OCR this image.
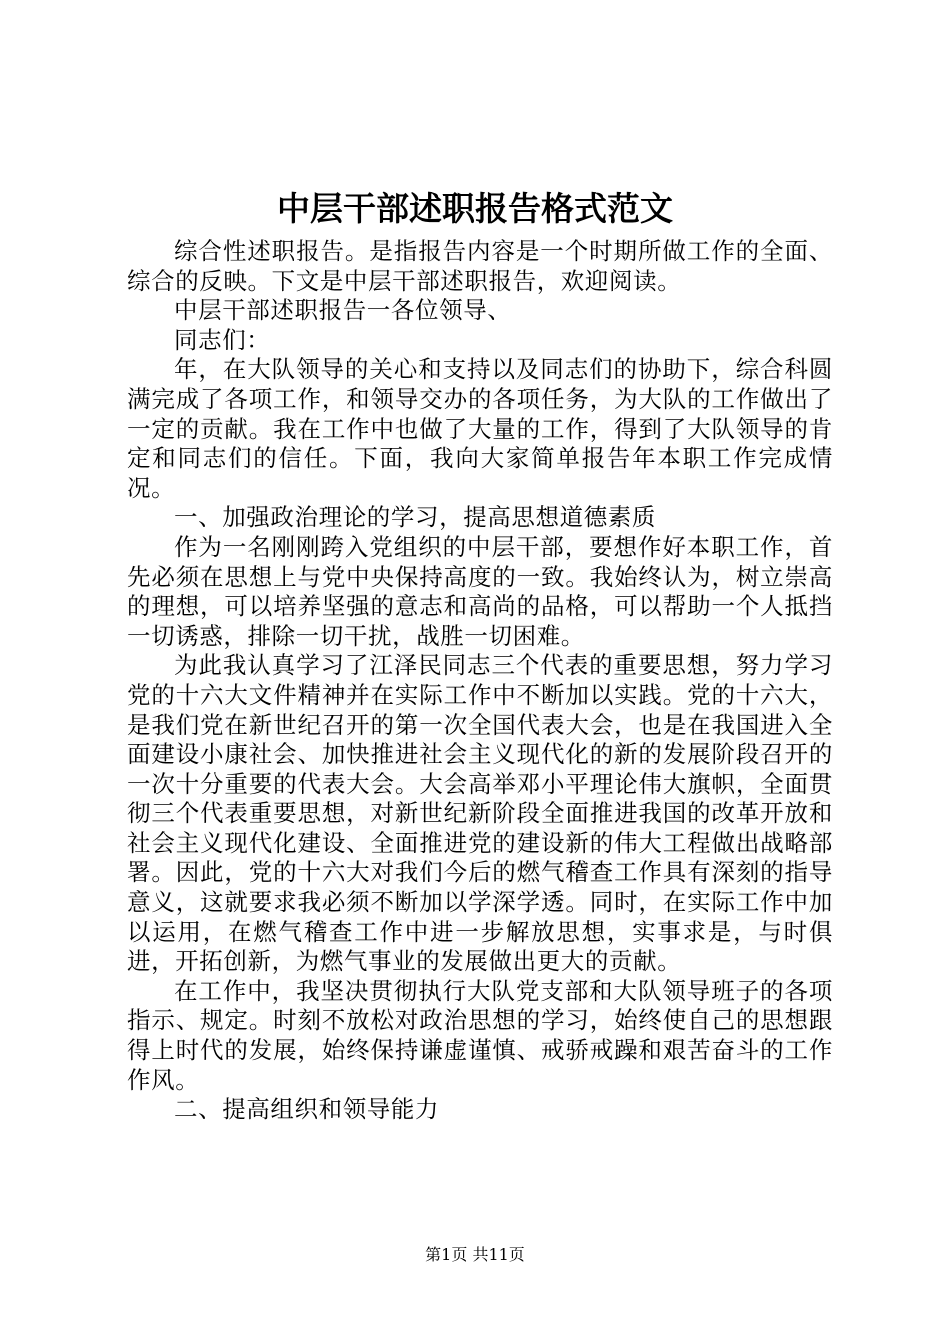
中层干部述职报告格式范文

综合性述职报告。是指报告内容是一个时期所做工作的全面、综合的反映。下文是中层干部述职报告，欢迎阅读。

中层干部述职报告一各位领导、

同志们：

年，在大队领导的关心和支持以及同志们的协助下，综合科圆满完成了各项工作，和领导交办的各项任务，为大队的工作做出了一定的贡献。我在工作中也做了大量的工作，得到了大队领导的肯定和同志们的信任。下面，我向大家简单报告年本职工作完成情况。

一、加强政治理论的学习，提高思想道德素质

作为一名刚刚跨入党组织的中层干部，要想作好本职工作，首先必须在思想上与党中央保持高度的一致。我始终认为，树立崇高的理想，可以培养坚强的意志和高尚的品格，可以帮助一个人抵挡一切诱惑，排除一切干扰，战胜一切困难。

为此我认真学习了江泽民同志三个代表的重要思想，努力学习党的十六大文件精神并在实际工作中不断加以实践。党的十六大，是我们党在新世纪召开的第一次全国代表大会，也是在我国进入全面建设小康社会、加快推进社会主义现代化的新的发展阶段召开的一次十分重要的代表大会。大会高举邓小平理论伟大旗帜，全面贯彻三个代表重要思想，对新世纪新阶段全面推进我国的改革开放和社会主义现代化建设、全面推进党的建设新的伟大工程做出战略部署。因此，党的十六大对我们今后的燃气稽查工作具有深刻的指导意义，这就要求我必须不断加以学深学透。同时，在实际工作中加以运用，在燃气稽查工作中进一步解放思想，实事求是，与时俱进，开拓创新，为燃气事业的发展做出更大的贡献。

在工作中，我坚决贯彻执行大队党支部和大队领导班子的各项指示、规定。时刻不放松对政治思想的学习，始终使自己的思想跟得上时代的发展，始终保持谦虚谨慎、戒骄戒躁和艰苦奋斗的工作作风。

二、提高组织和领导能力

第1页 共11页
